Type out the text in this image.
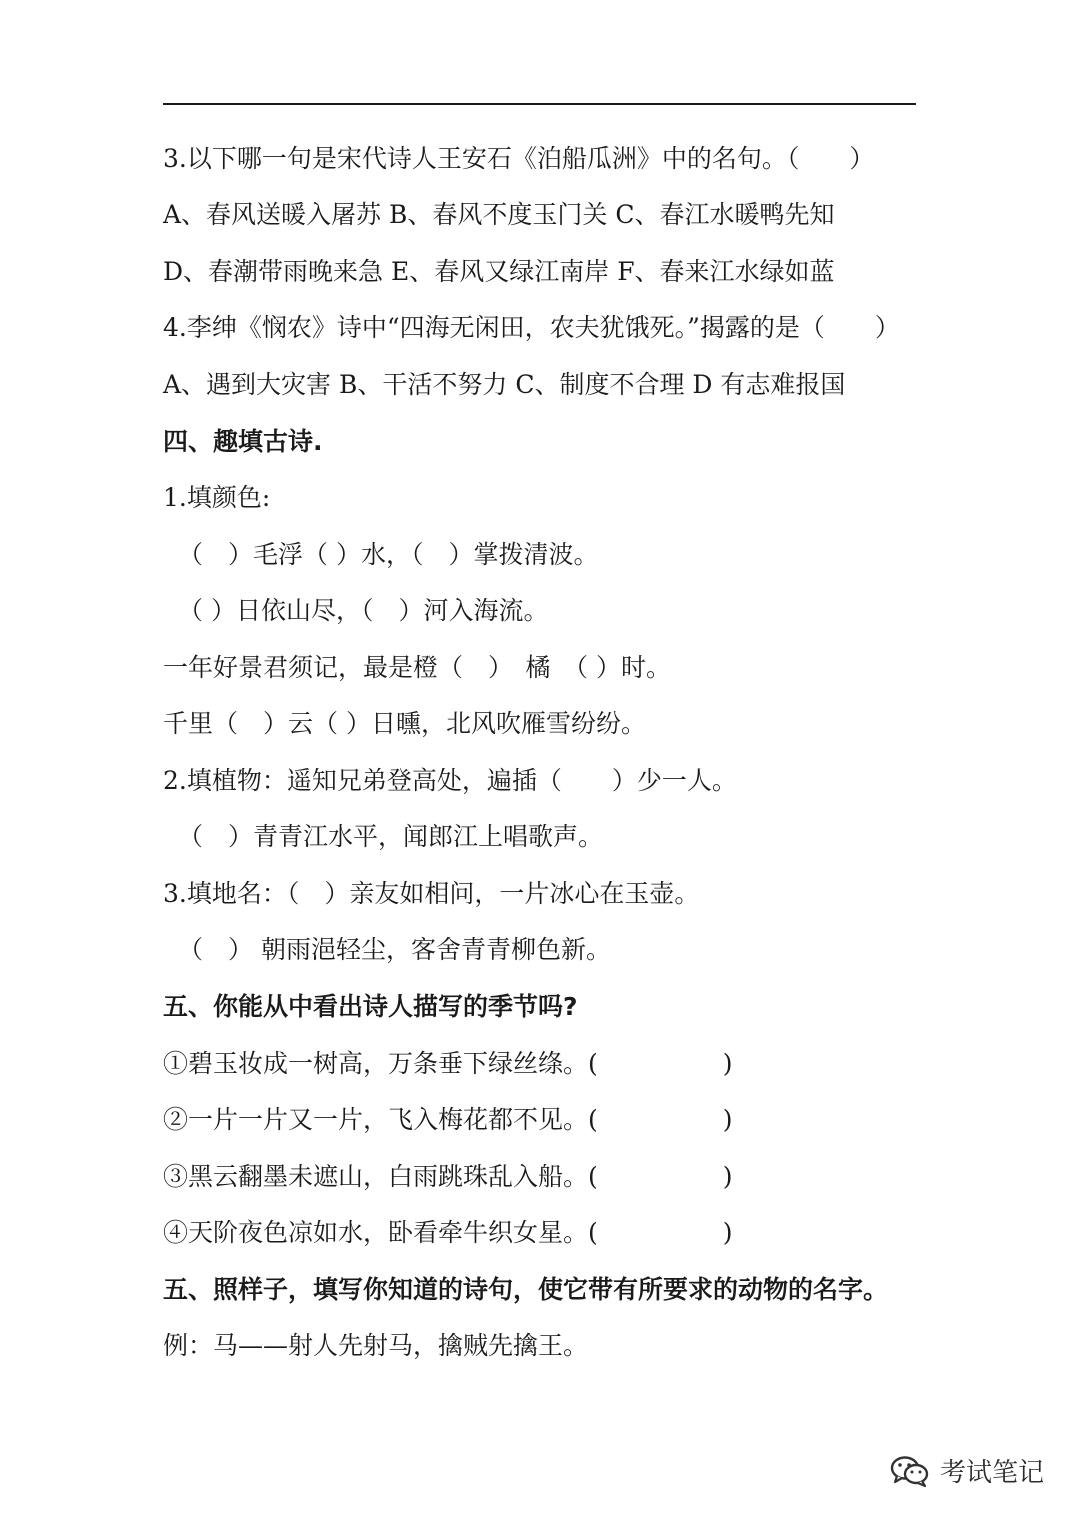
3.以下哪一句是宋代诗人王安石《泊船瓜洲》中的名句。（　　）
A、春风送暖入屠苏 B、春风不度玉门关 C、春江水暖鸭先知
D、春潮带雨晚来急 E、春风又绿江南岸 F、春来江水绿如蓝
4.李绅《悯农》诗中“四海无闲田，农夫犹饿死。”揭露的是（　　）
A、遇到大灾害 B、干活不努力 C、制度不合理 D 有志难报国
四、趣填古诗.
1.填颜色:
（　）毛浮（ ）水，（　）掌拨清波。
（ ）日依山尽，（　）河入海流。
一年好景君须记，最是橙（　）　橘　（ ）时。
千里（　）云（ ）日曛，北风吹雁雪纷纷。
2.填植物：遥知兄弟登高处，遍插（　　）少一人。
（　）青青江水平，闻郎江上唱歌声。
3.填地名：（　）亲友如相问，一片冰心在玉壶。
（　） 朝雨浥轻尘，客舍青青柳色新。
五、你能从中看出诗人描写的季节吗?
①碧玉妆成一树高，万条垂下绿丝绦。(　　　　　)
②一片一片又一片，飞入梅花都不见。(　　　　　)
③黑云翻墨未遮山，白雨跳珠乱入船。(　　　　　)
④天阶夜色凉如水，卧看牵牛织女星。(　　　　　)
五、照样子，填写你知道的诗句，使它带有所要求的动物的名字。
例：马——射人先射马，擒贼先擒王。
考试笔记
